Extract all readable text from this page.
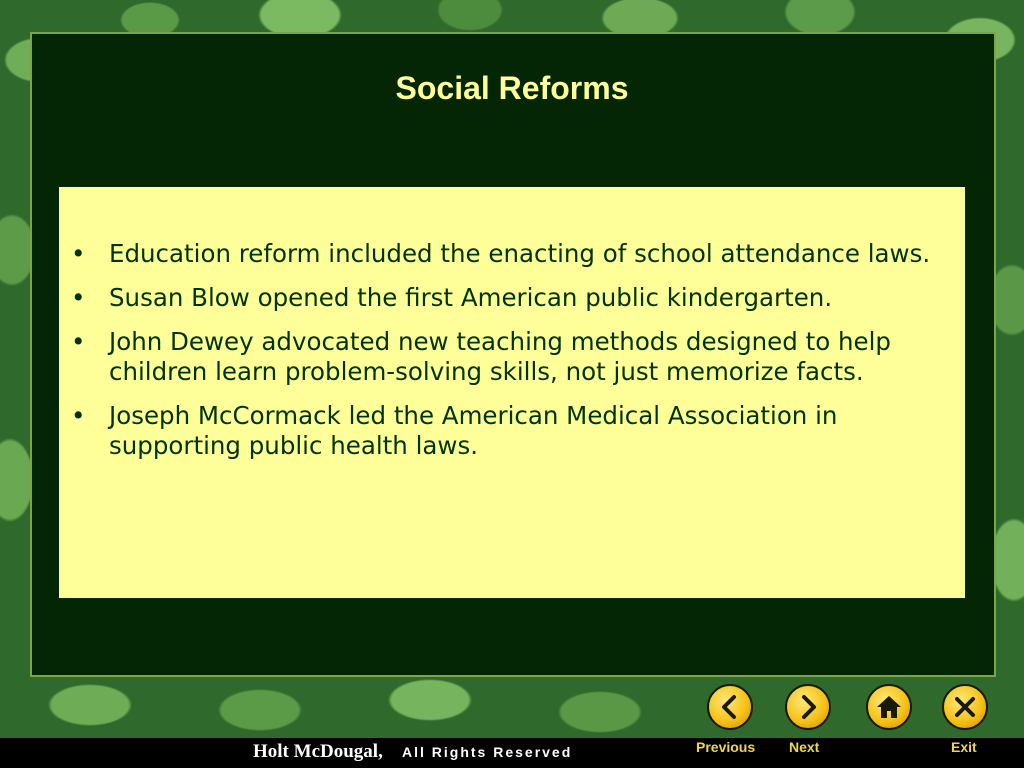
Social Reforms
• Education reform included the enacting of school attendance laws.
• Susan Blow opened the first American public kindergarten.
• John Dewey advocated new teaching methods designed to help children learn problem-solving skills, not just memorize facts.
• Joseph McCormack led the American Medical Association in supporting public health laws.
Holt McDougal, All Rights Reserved	Previous Next	Exit
